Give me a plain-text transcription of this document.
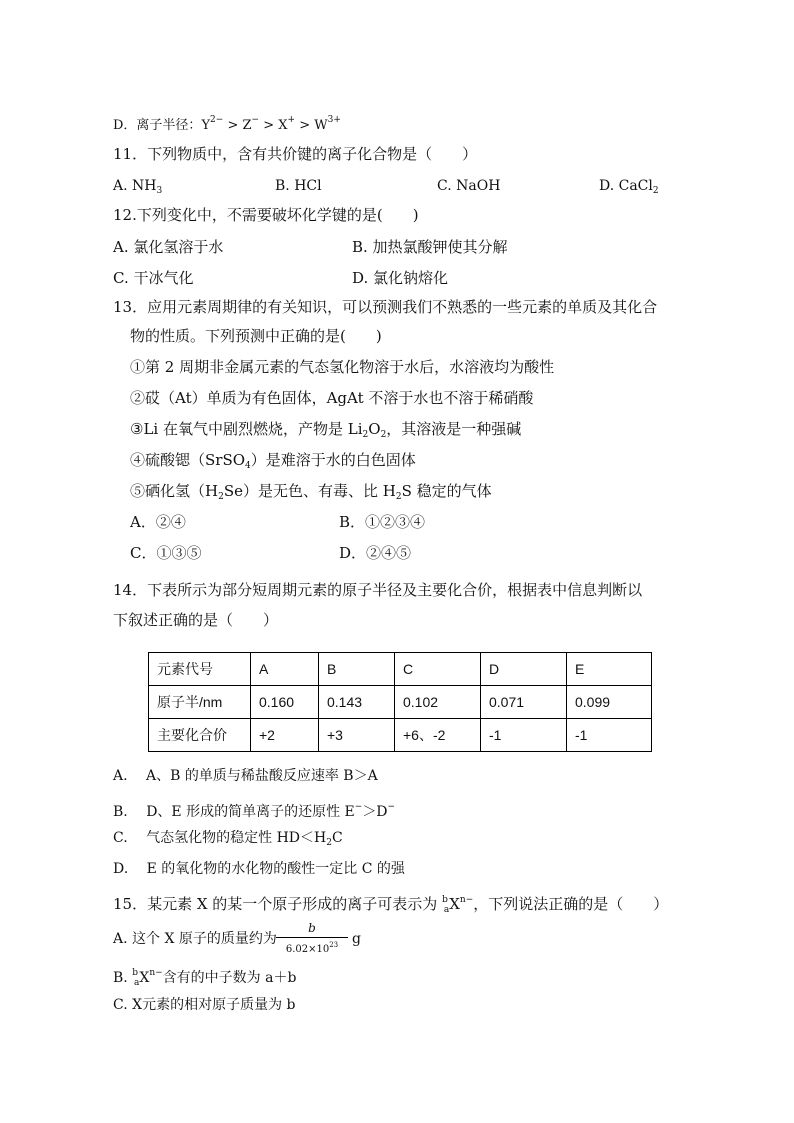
D．离子半径：$Y^{2-} > Z^- > X^+ > W^{3+}$
11．下列物质中，含有共价键的离子化合物是（　　）
A. $NH_3$	B. HCl	C. NaOH	D. CaCl$_2$
12.下列变化中，不需要破坏化学键的是(　　)
A. 氯化氢溶于水	B. 加热氯酸钾使其分解
C. 干冰气化	D. 氯化钠熔化
13．应用元素周期律的有关知识，可以预测我们不熟悉的一些元素的单质及其化合
物的性质。下列预测中正确的是(　　)
①第 2 周期非金属元素的气态氢化物溶于水后，水溶液均为酸性
②砹（At）单质为有色固体，AgAt 不溶于水也不溶于稀硝酸
③Li 在氧气中剧烈燃烧，产物是 $Li_2O_2$，其溶液是一种强碱
④硫酸锶（SrSO$_4$）是难溶于水的白色固体
⑤硒化氢$(H_2Se)$是无色、有毒、比 $H_2S$ 稳定的气体
A．②④	B．①②③④
C．①③⑤	D．②④⑤
14．下表所示为部分短周期元素的原子半径及主要化合价，根据表中信息判断以
下叙述正确的是（　　）
元素代号	A	B	C	D	E
原子半/nm	0.160	0.143	0.102	0.071	0.099
主要化合价	+2	+3	+6、-2	-1	-1
A.　 A、B 的单质与稀盐酸反应速率 B＞A
B.　 D、E 形成的简单离子的还原性 E−＞D−
C.　 气态氢化物的稳定性 $HD<H_2C$
D.　 E 的氧化物的水化物的酸性一定比 C 的强
15．某元素 X 的某一个原子形成的离子可表示为 $^b_aX^{n-}$，下列说法正确的是（　　）
A. 这个 X 原子的质量约为
b
$6.02\times 10^{23}$ g
B. $^b_aX^{n-}$含有的中子数为 a＋b
C. X元素的相对原子质量为 b
